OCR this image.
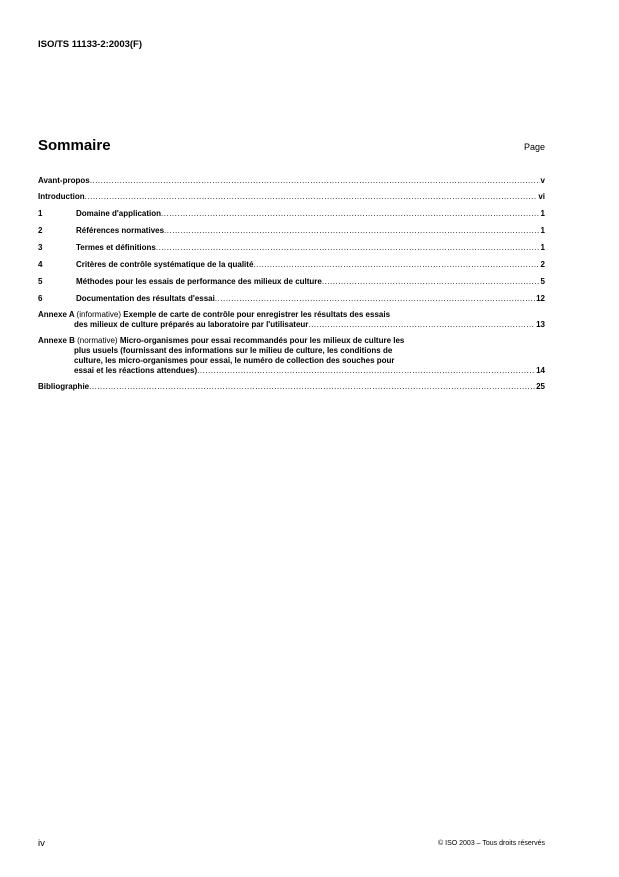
ISO/TS 11133-2:2003(F)
Sommaire	Page
Avant-propos .....	v
Introduction .....	vi
1	Domaine d'application .....	1
2	Références normatives .....	1
3	Termes et définitions .....	1
4	Critères de contrôle systématique de la qualité .....	2
5	Méthodes pour les essais de performance des milieux de culture .....	5
6	Documentation des résultats d'essai .....	12
Annexe A (informative) Exemple de carte de contrôle pour enregistrer les résultats des essais
des milieux de culture préparés au laboratoire par l'utilisateur .....	13
Annexe B (normative) Micro-organismes pour essai recommandés pour les milieux de culture les
plus usuels (fournissant des informations sur le milieu de culture, les conditions de
culture, les micro-organismes pour essai, le numéro de collection des souches pour
essai et les réactions attendues) .....	14
Bibliographie .....	25
iv	© ISO 2003 – Tous droits réservés
